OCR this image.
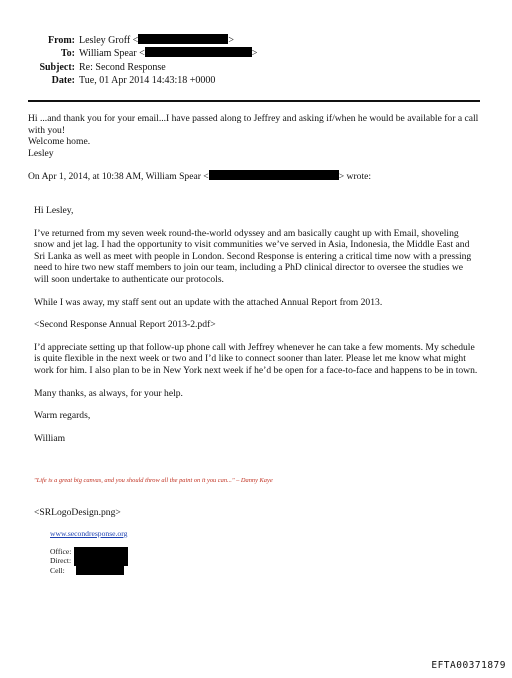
From: Lesley Groff <	>
To: William Spear <	>
Subject: Re: Second Response
Date: Tue, 01 Apr 2014 14:43:18 +0000

Hi ...and thank you for your email...I have passed along to Jeffrey and asking if/when he would be available for a call with you!

Welcome home.

Lesley

On Apr 1, 2014, at 10:38 AM, William Spear <	> wrote:

Hi Lesley,

I’ve returned from my seven week round-the-world odyssey and am basically caught up with Email, shoveling snow and jet lag. I had the opportunity to visit communities we’ve served in Asia, Indonesia, the Middle East and Sri Lanka as well as meet with people in London. Second Response is entering a critical time now with a pressing need to hire two new staff members to join our team, including a PhD clinical director to oversee the studies we will soon undertake to authenticate our protocols.

While I was away, my staff sent out an update with the attached Annual Report from 2013.

<Second Response Annual Report 2013-2.pdf>

I’d appreciate setting up that follow-up phone call with Jeffrey whenever he can take a few moments. My schedule is quite flexible in the next week or two and I’d like to connect sooner than later. Please let me know what might work for him. I also plan to be in New York next week if he’d be open for a face-to-face and happens to be in town.

Many thanks, as always, for your help.

Warm regards,

William

"Life is a great big canvas, and you should throw all the paint on it you can..." – Danny Kaye
<SRLogoDesign.png>
www.secondresponse.org
Office:
Direct:
Cell:
EFTA00371879
